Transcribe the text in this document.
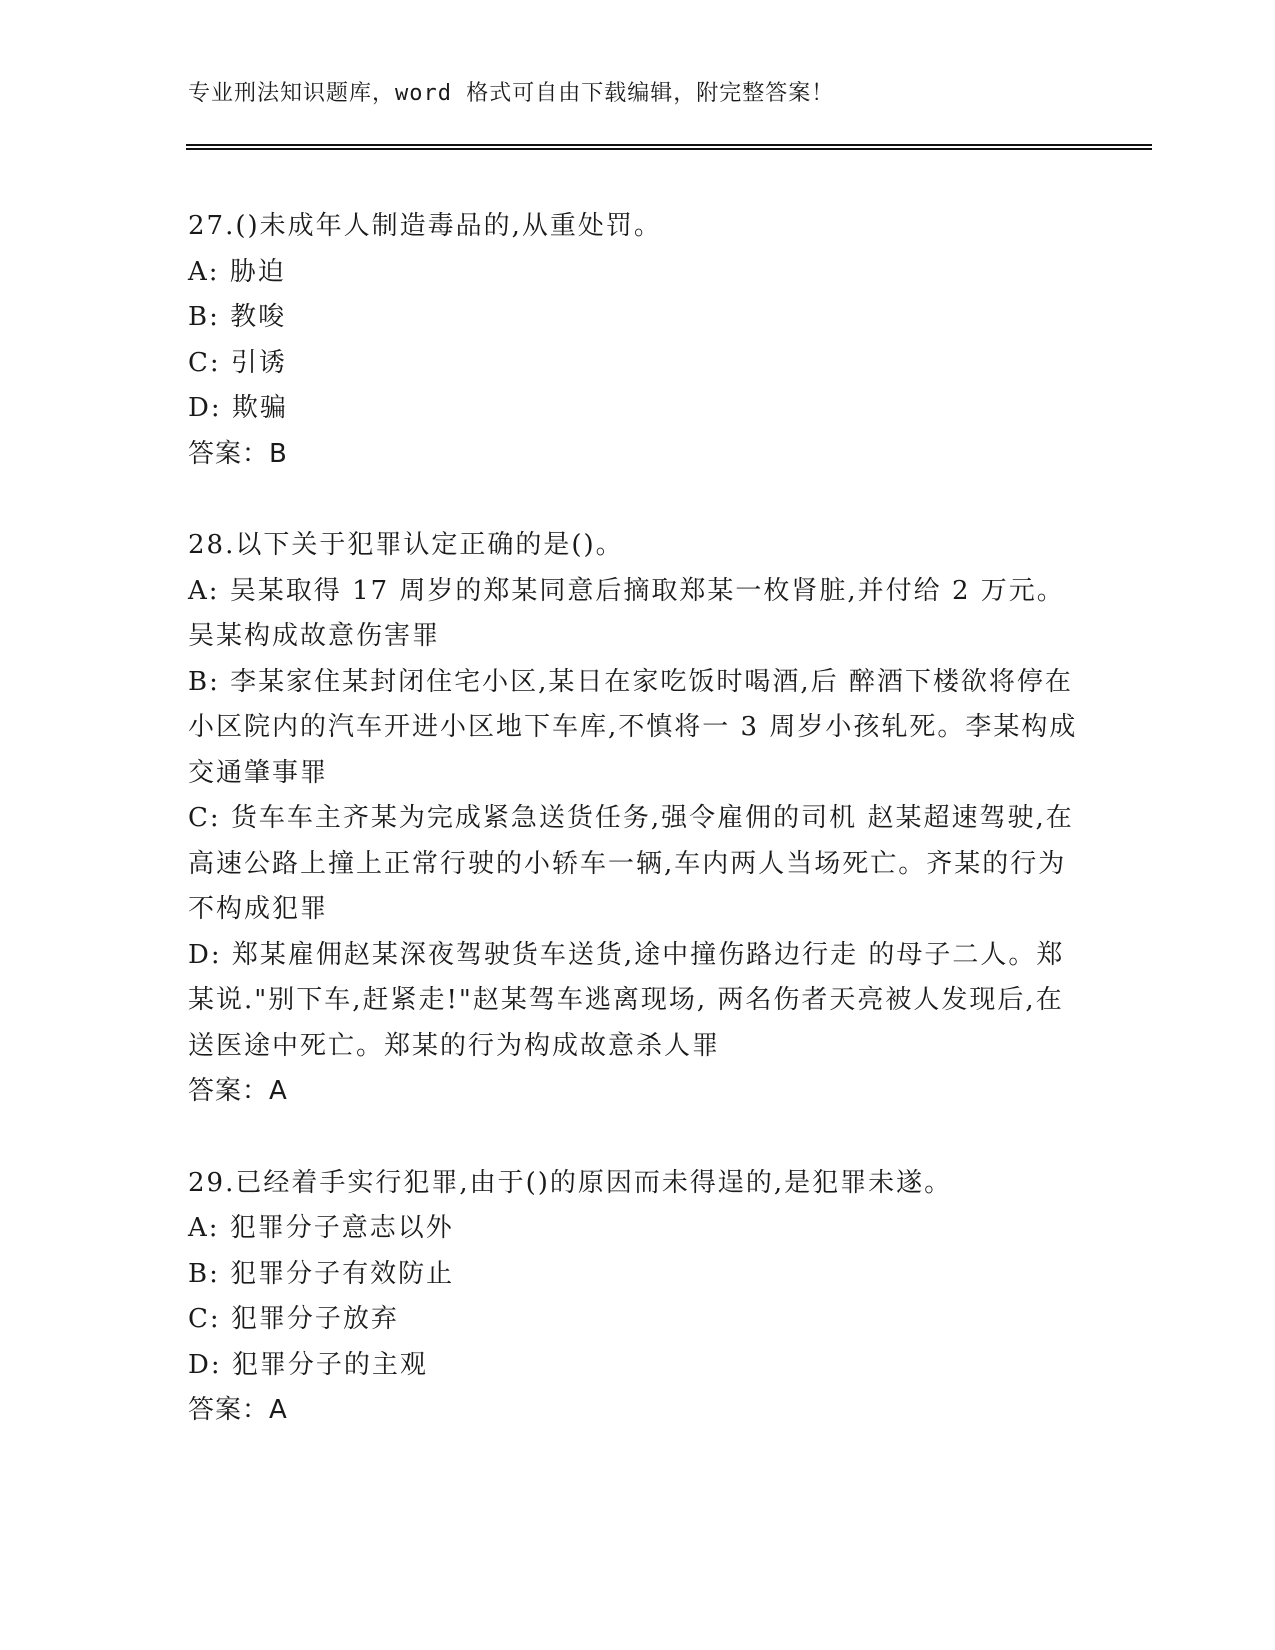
专业刑法知识题库，word 格式可自由下载编辑，附完整答案！

27.()未成年人制造毒品的,从重处罚。

A: 胁迫

B: 教唆

C: 引诱

D: 欺骗

答案：B

28.以下关于犯罪认定正确的是()。

A: 吴某取得 17 周岁的郑某同意后摘取郑某一枚肾脏,并付给 2 万元。吴某构成故意伤害罪

B: 李某家住某封闭住宅小区,某日在家吃饭时喝酒,后 醉酒下楼欲将停在小区院内的汽车开进小区地下车库,不慎将一 3 周岁小孩轧死。李某构成交通肇事罪

C: 货车车主齐某为完成紧急送货任务,强令雇佣的司机 赵某超速驾驶,在高速公路上撞上正常行驶的小轿车一辆,车内两人当场死亡。齐某的行为不构成犯罪

D: 郑某雇佣赵某深夜驾驶货车送货,途中撞伤路边行走 的母子二人。郑某说."别下车,赶紧走!"赵某驾车逃离现场, 两名伤者天亮被人发现后,在送医途中死亡。郑某的行为构成故意杀人罪

答案：A

29.已经着手实行犯罪,由于()的原因而未得逞的,是犯罪未遂。

A: 犯罪分子意志以外

B: 犯罪分子有效防止

C: 犯罪分子放弃

D: 犯罪分子的主观

答案：A
